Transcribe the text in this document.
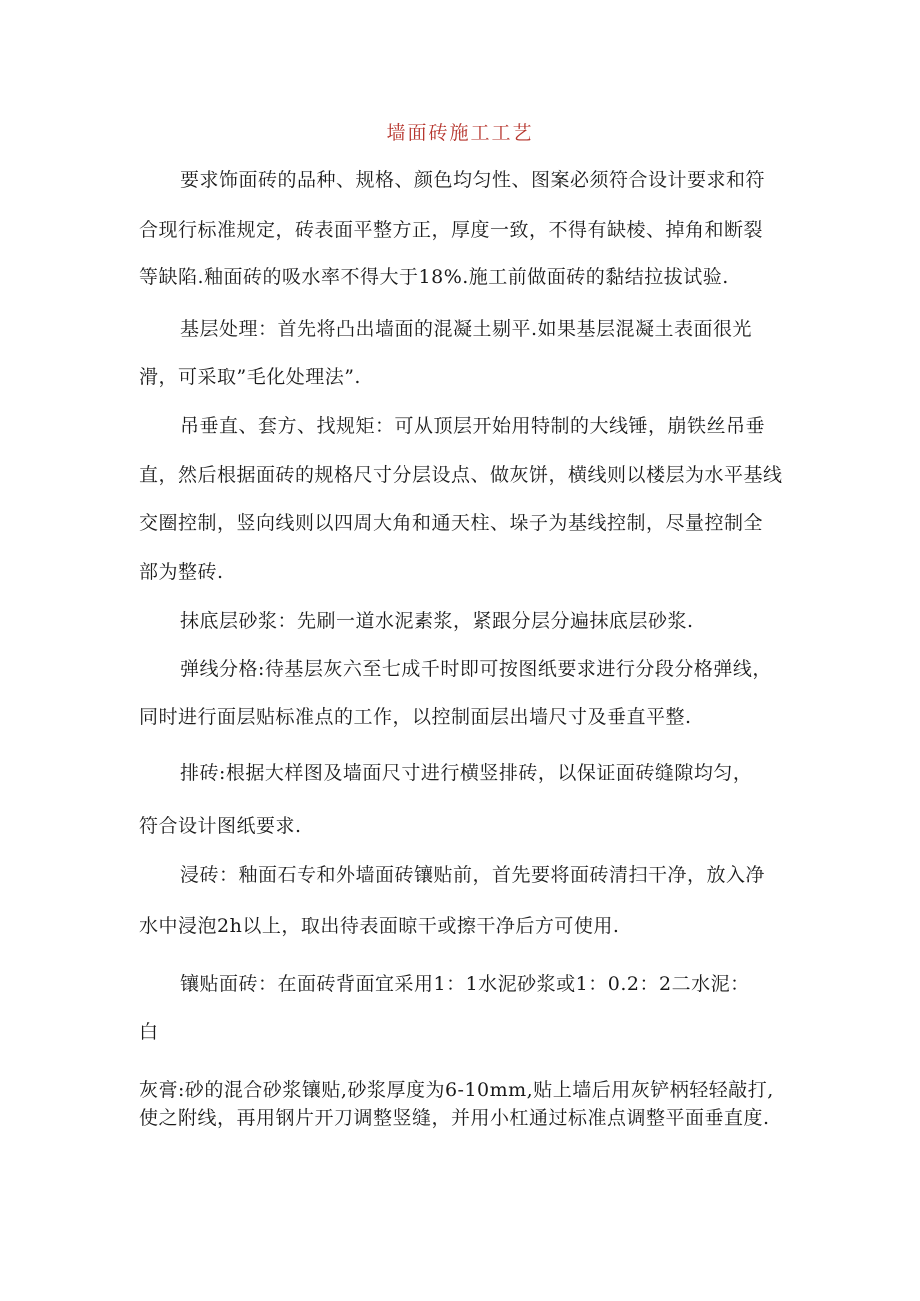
墙面砖施工工艺

要求饰面砖的品种、规格、颜色均匀性、图案必须符合设计要求和符

合现行标准规定，砖表面平整方正，厚度一致，不得有缺棱、掉角和断裂

等缺陷.釉面砖的吸水率不得大于18%.施工前做面砖的黏结拉拔试验.

基层处理：首先将凸出墙面的混凝土剔平.如果基层混凝土表面很光

滑，可采取”毛化处理法”.

吊垂直、套方、找规矩：可从顶层开始用特制的大线锤，崩铁丝吊垂

直，然后根据面砖的规格尺寸分层设点、做灰饼，横线则以楼层为水平基线

交圈控制，竖向线则以四周大角和通天柱、垛子为基线控制，尽量控制全

部为整砖.

抹底层砂浆：先刷一道水泥素浆，紧跟分层分遍抹底层砂浆.

弹线分格:待基层灰六至七成千时即可按图纸要求进行分段分格弹线，

同时进行面层贴标准点的工作，以控制面层出墙尺寸及垂直平整.

排砖:根据大样图及墙面尺寸进行横竖排砖，以保证面砖缝隙均匀，

符合设计图纸要求.

浸砖：釉面石专和外墙面砖镶贴前，首先要将面砖清扫干净，放入净

水中浸泡2h以上，取出待表面晾干或擦干净后方可使用.

镶贴面砖：在面砖背面宜采用1：1水泥砂浆或1：0.2：2二水泥：

白

灰膏:砂的混合砂浆镶贴,砂浆厚度为6-10mm,贴上墙后用灰铲柄轻轻敲打,

使之附线，再用钢片开刀调整竖缝，并用小杠通过标准点调整平面垂直度.
